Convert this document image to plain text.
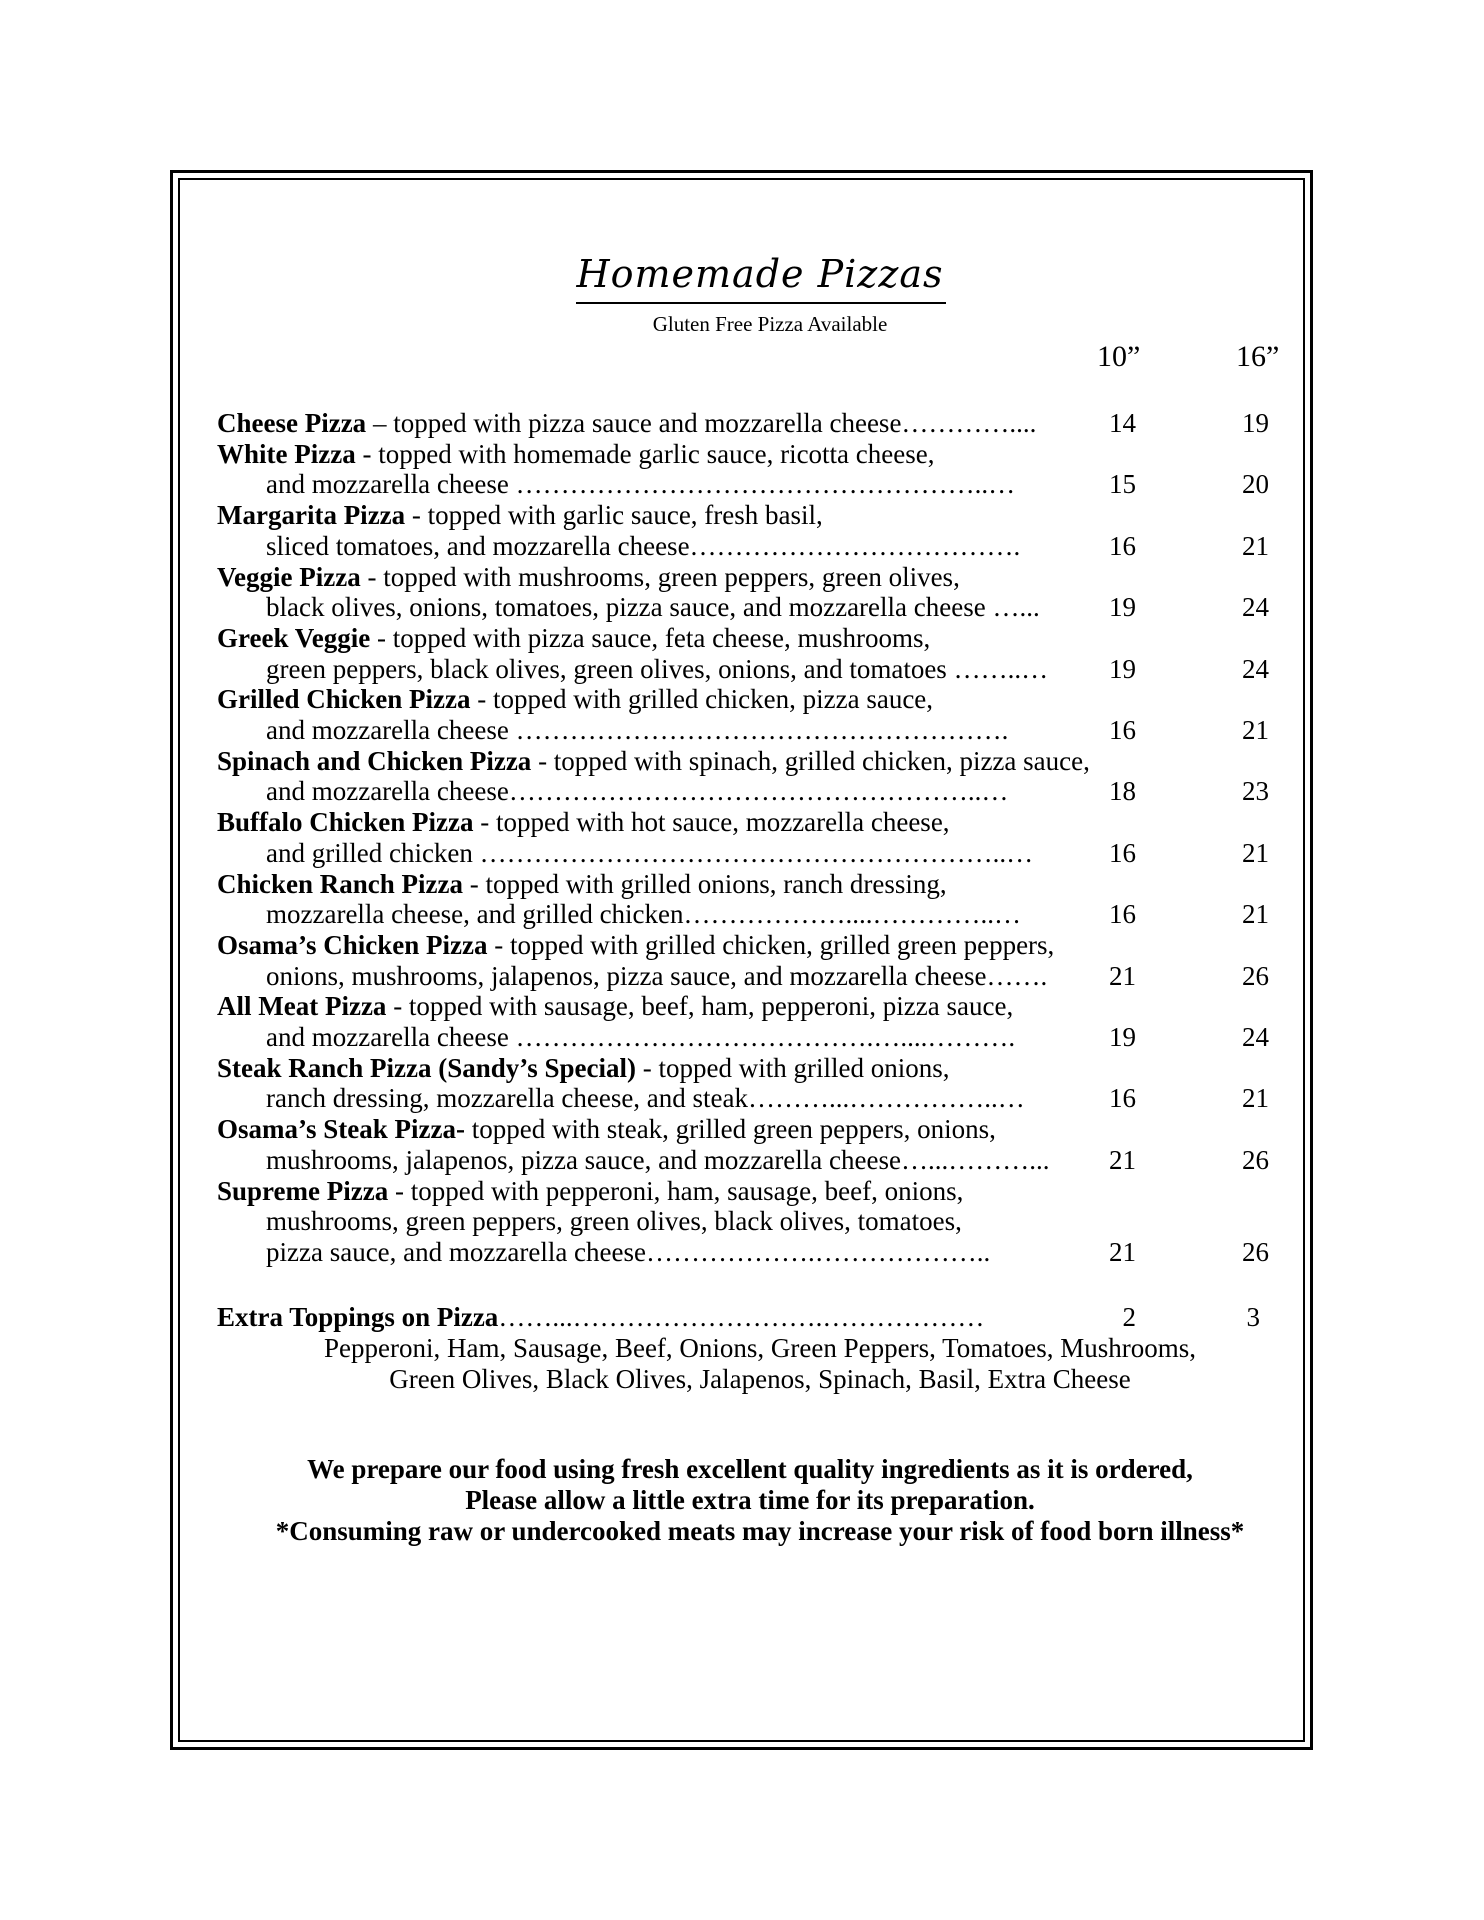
Homemade Pizzas
Gluten Free Pizza Available
10”	16”
Cheese Pizza – topped with pizza sauce and mozzarella cheese…………....	14	19
White Pizza - topped with homemade garlic sauce, ricotta cheese,
and mozzarella cheese ……………………………………………..…	15	20
Margarita Pizza - topped with garlic sauce, fresh basil,
sliced tomatoes, and mozzarella cheese……………………………….	16	21
Veggie Pizza - topped with mushrooms, green peppers, green olives,
black olives, onions, tomatoes, pizza sauce, and mozzarella cheese …...	19	24
Greek Veggie - topped with pizza sauce, feta cheese, mushrooms,
green peppers, black olives, green olives, onions, and tomatoes ……..…	19	24
Grilled Chicken Pizza - topped with grilled chicken, pizza sauce,
and mozzarella cheese ……………………………………………….	16	21
Spinach and Chicken Pizza - topped with spinach, grilled chicken, pizza sauce,
and mozzarella cheese……………………………………………..…	18	23
Buffalo Chicken Pizza - topped with hot sauce, mozzarella cheese,
and grilled chicken …………………………………………………..…	16	21
Chicken Ranch Pizza - topped with grilled onions, ranch dressing,
mozzarella cheese, and grilled chicken………………....…………..…	16	21
Osama’s Chicken Pizza - topped with grilled chicken, grilled green peppers,
onions, mushrooms, jalapenos, pizza sauce, and mozzarella cheese…….	21	26
All Meat Pizza - topped with sausage, beef, ham, pepperoni, pizza sauce,
and mozzarella cheese ………………………………….…....……….	19	24
Steak Ranch Pizza (Sandy’s Special) - topped with grilled onions,
ranch dressing, mozzarella cheese, and steak………...……………..…	16	21
Osama’s Steak Pizza- topped with steak, grilled green peppers, onions,
mushrooms, jalapenos, pizza sauce, and mozzarella cheese…...………...	21	26
Supreme Pizza - topped with pepperoni, ham, sausage, beef, onions,
mushrooms, green peppers, green olives, black olives, tomatoes,
pizza sauce, and mozzarella cheese……………….………………..	21	26
Extra Toppings on Pizza……...……………………….………………	2	3
Pepperoni, Ham, Sausage, Beef, Onions, Green Peppers, Tomatoes, Mushrooms,
Green Olives, Black Olives, Jalapenos, Spinach, Basil, Extra Cheese
We prepare our food using fresh excellent quality ingredients as it is ordered,
Please allow a little extra time for its preparation.
*Consuming raw or undercooked meats may increase your risk of food born illness*
